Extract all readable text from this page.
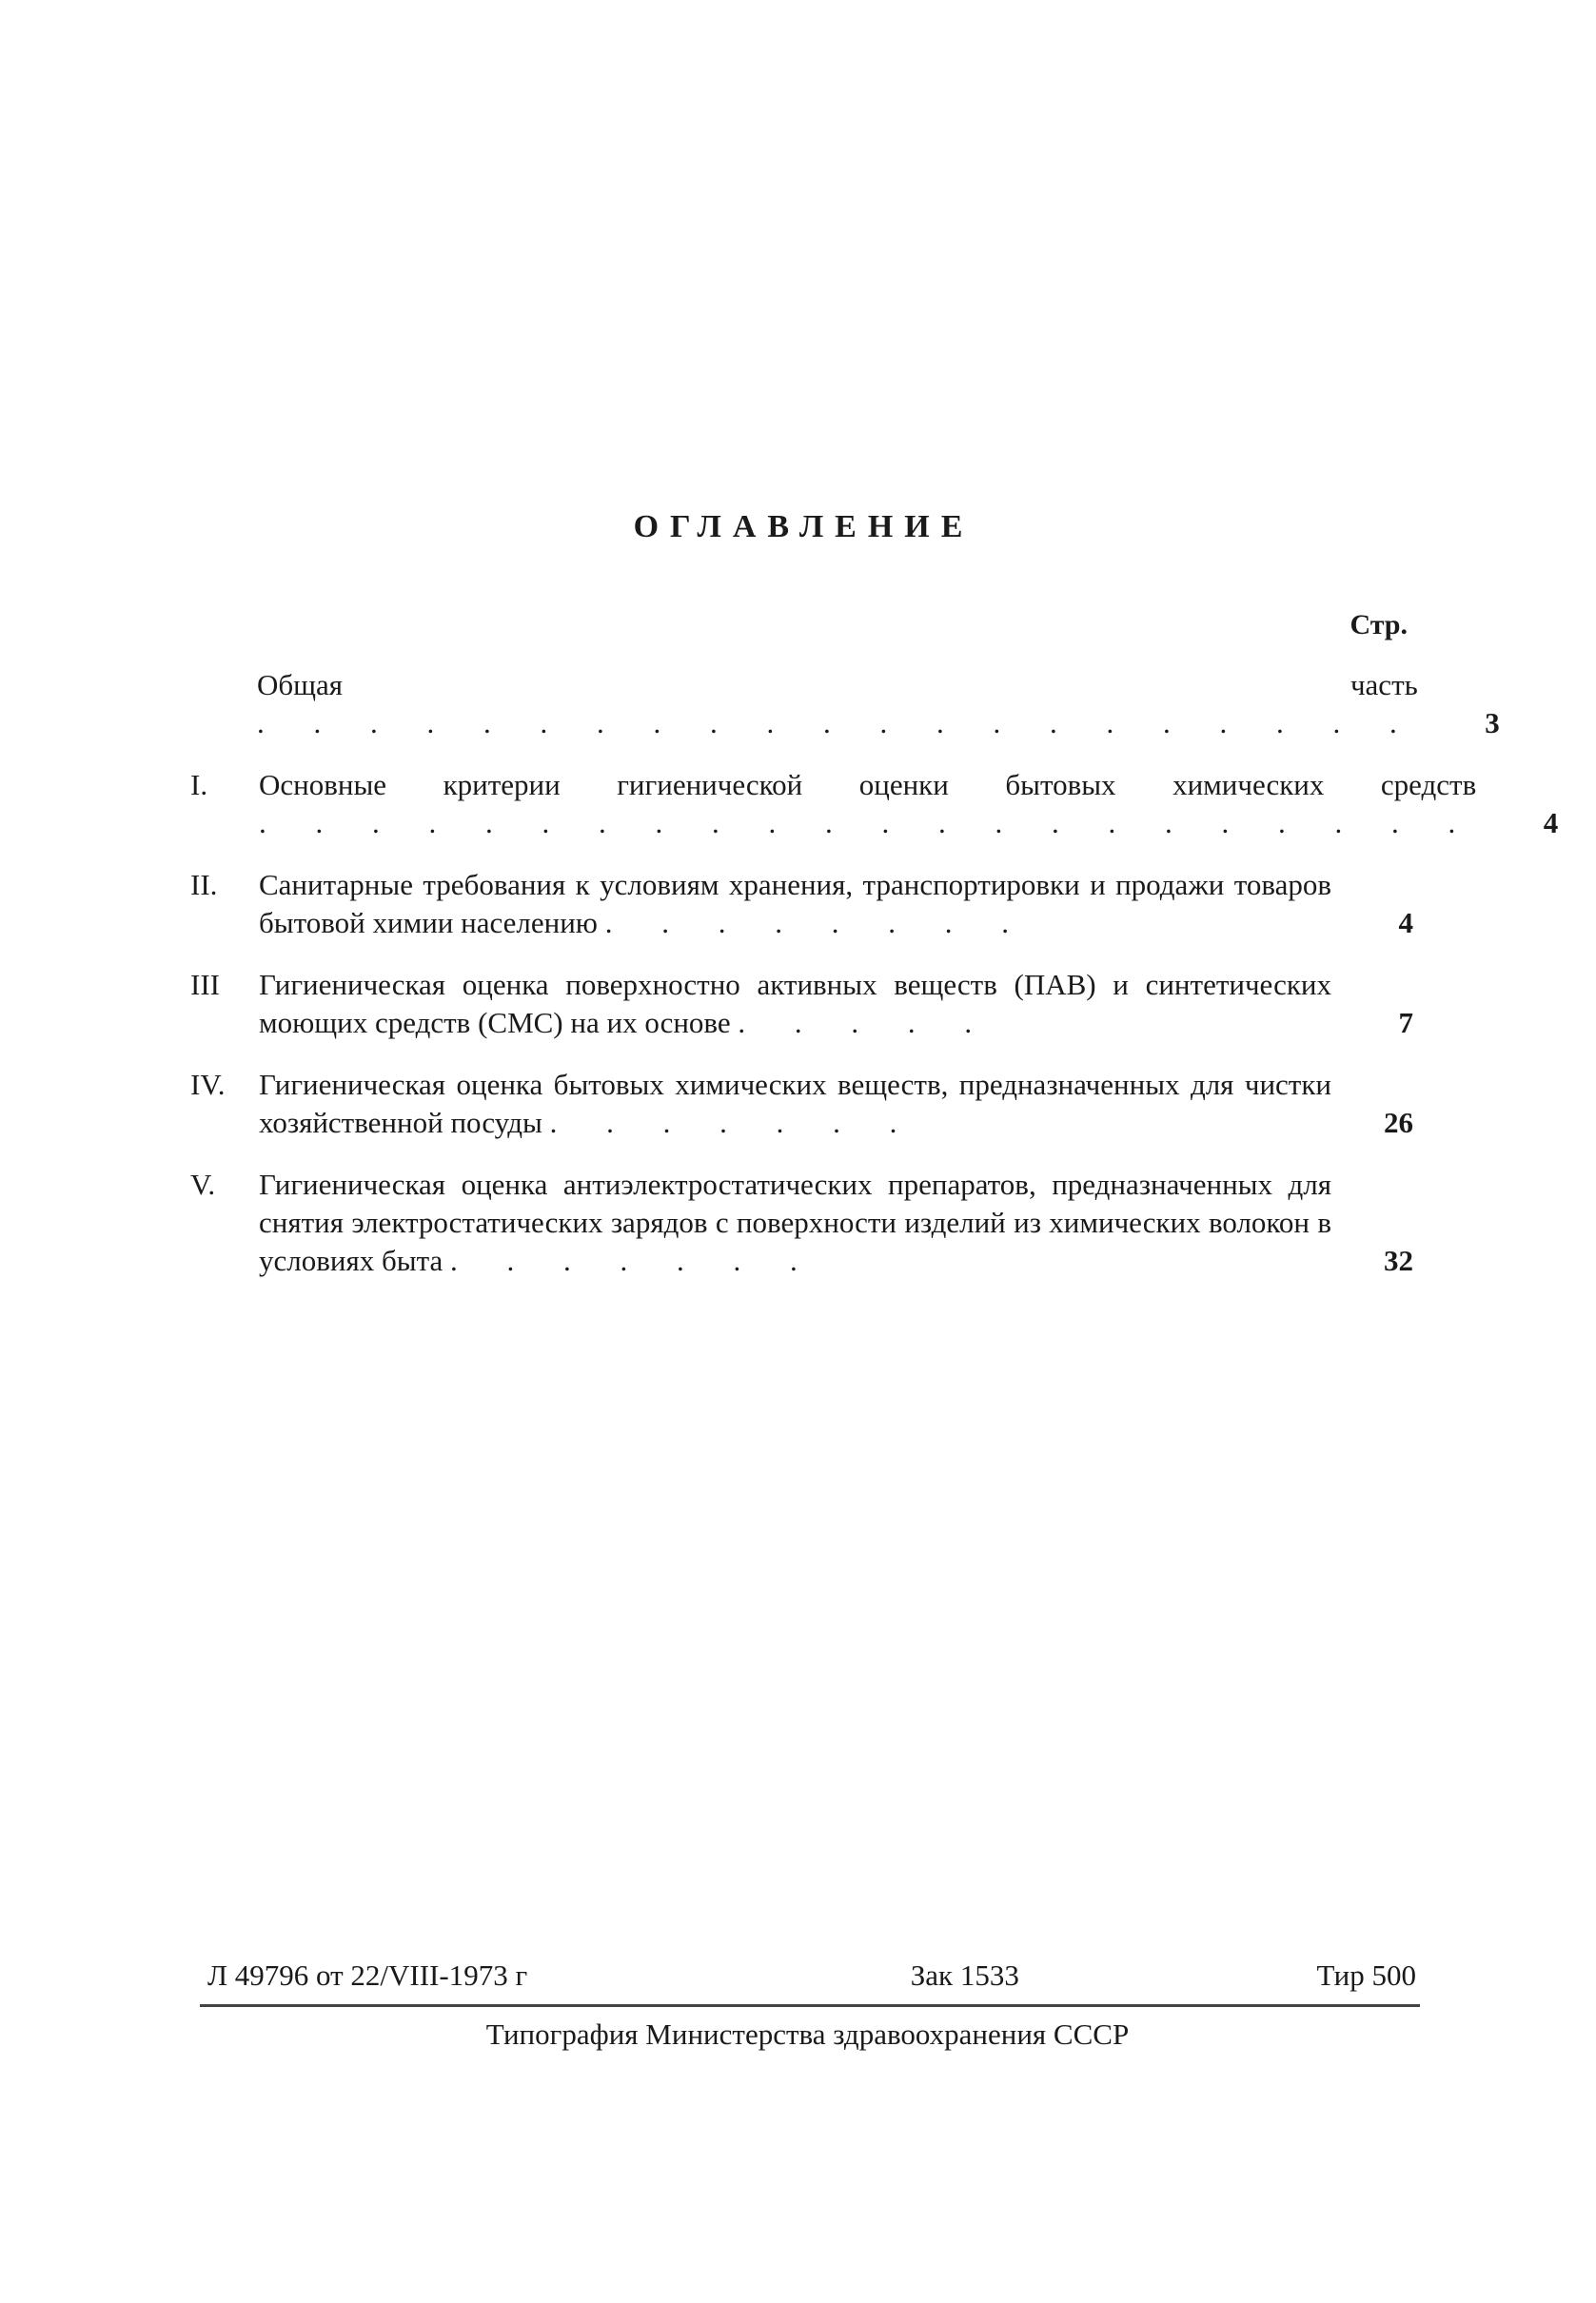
ОГЛАВЛЕНИЕ
Стр.
Общая часть . . . . . . . . . . . . . . . . . . . . .	3
I.	Основные критерии гигиенической оценки бытовых химических средств . . . . . . . . . . . . . . . . . . . . . .	4
II.	Санитарные требования к условиям хранения, транспортировки и продажи товаров бытовой химии населению . . . . . . . .	4
III	Гигиеническая оценка поверхностно активных веществ (ПАВ) и синтетических моющих средств (СМС) на их основе . . . . .	7
IV.	Гигиеническая оценка бытовых химических веществ, предназначенных для чистки хозяйственной посуды . . . . . . .	26
V.	Гигиеническая оценка антиэлектростатических препаратов, предназначенных для снятия электростатических зарядов с поверхности изделий из химических волокон в условиях быта . . . . . . .	32
Л 49796 от 22/VIII-1973 г	Зак 1533	Тир 500
Типография Министерства здравоохранения СССР
